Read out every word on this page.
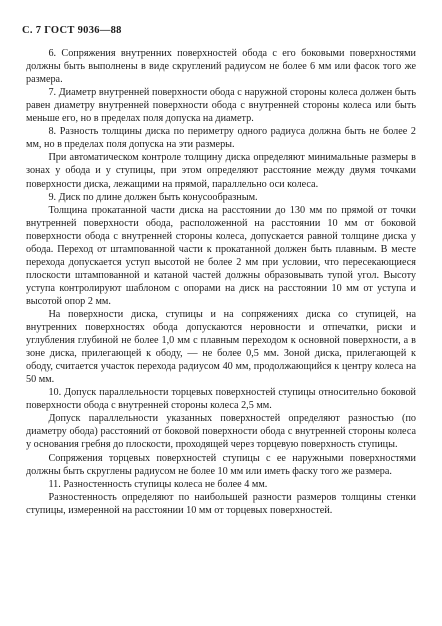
С. 7 ГОСТ 9036—88

6. Сопряжения внутренних поверхностей обода с его боковыми поверхностями должны быть выполнены в виде скруглений радиусом не более 6 мм или фасок того же размера.

7. Диаметр внутренней поверхности обода с наружной стороны колеса должен быть равен диаметру внутренней поверхности обода с внутренней стороны колеса или быть меньше его, но в пределах поля допуска на диаметр.

8. Разность толщины диска по периметру одного радиуса должна быть не более 2 мм, но в пределах поля допуска на эти размеры.

При автоматическом контроле толщину диска определяют минимальные размеры в зонах у обода и у ступицы, при этом определяют расстояние между двумя точками поверхности диска, лежащими на прямой, параллельно оси колеса.

9. Диск по длине должен быть конусообразным.

Толщина прокатанной части диска на расстоянии до 130 мм по прямой от точки внутренней поверхности обода, расположенной на расстоянии 10 мм от боковой поверхности обода с внутренней стороны колеса, допускается равной толщине диска у обода. Переход от штампованной части к прокатанной должен быть плавным. В месте перехода допускается уступ высотой не более 2 мм при условии, что пересекающиеся плоскости штампованной и катаной частей должны образовывать тупой угол. Высоту уступа контролируют шаблоном с опорами на диск на расстоянии 10 мм от уступа и высотой опор 2 мм.

На поверхности диска, ступицы и на сопряжениях диска со ступицей, на внутренних поверхностях обода допускаются неровности и отпечатки, риски и углубления глубиной не более 1,0 мм с плавным переходом к основной поверхности, а в зоне диска, прилегающей к ободу, — не более 0,5 мм. Зоной диска, прилегающей к ободу, считается участок перехода радиусом 40 мм, продолжающийся к центру колеса на 50 мм.

10. Допуск параллельности торцевых поверхностей ступицы относительно боковой поверхности обода с внутренней стороны колеса 2,5 мм.

Допуск параллельности указанных поверхностей определяют разностью (по диаметру обода) расстояний от боковой поверхности обода с внутренней стороны колеса у основания гребня до плоскости, проходящей через торцевую поверхность ступицы.

Сопряжения торцевых поверхностей ступицы с ее наружными поверхностями должны быть скруглены радиусом не более 10 мм или иметь фаску того же размера.

11. Разностенность ступицы колеса не более 4 мм.

Разностенность определяют по наибольшей разности размеров толщины стенки ступицы, измеренной на расстоянии 10 мм от торцевых поверхностей.
